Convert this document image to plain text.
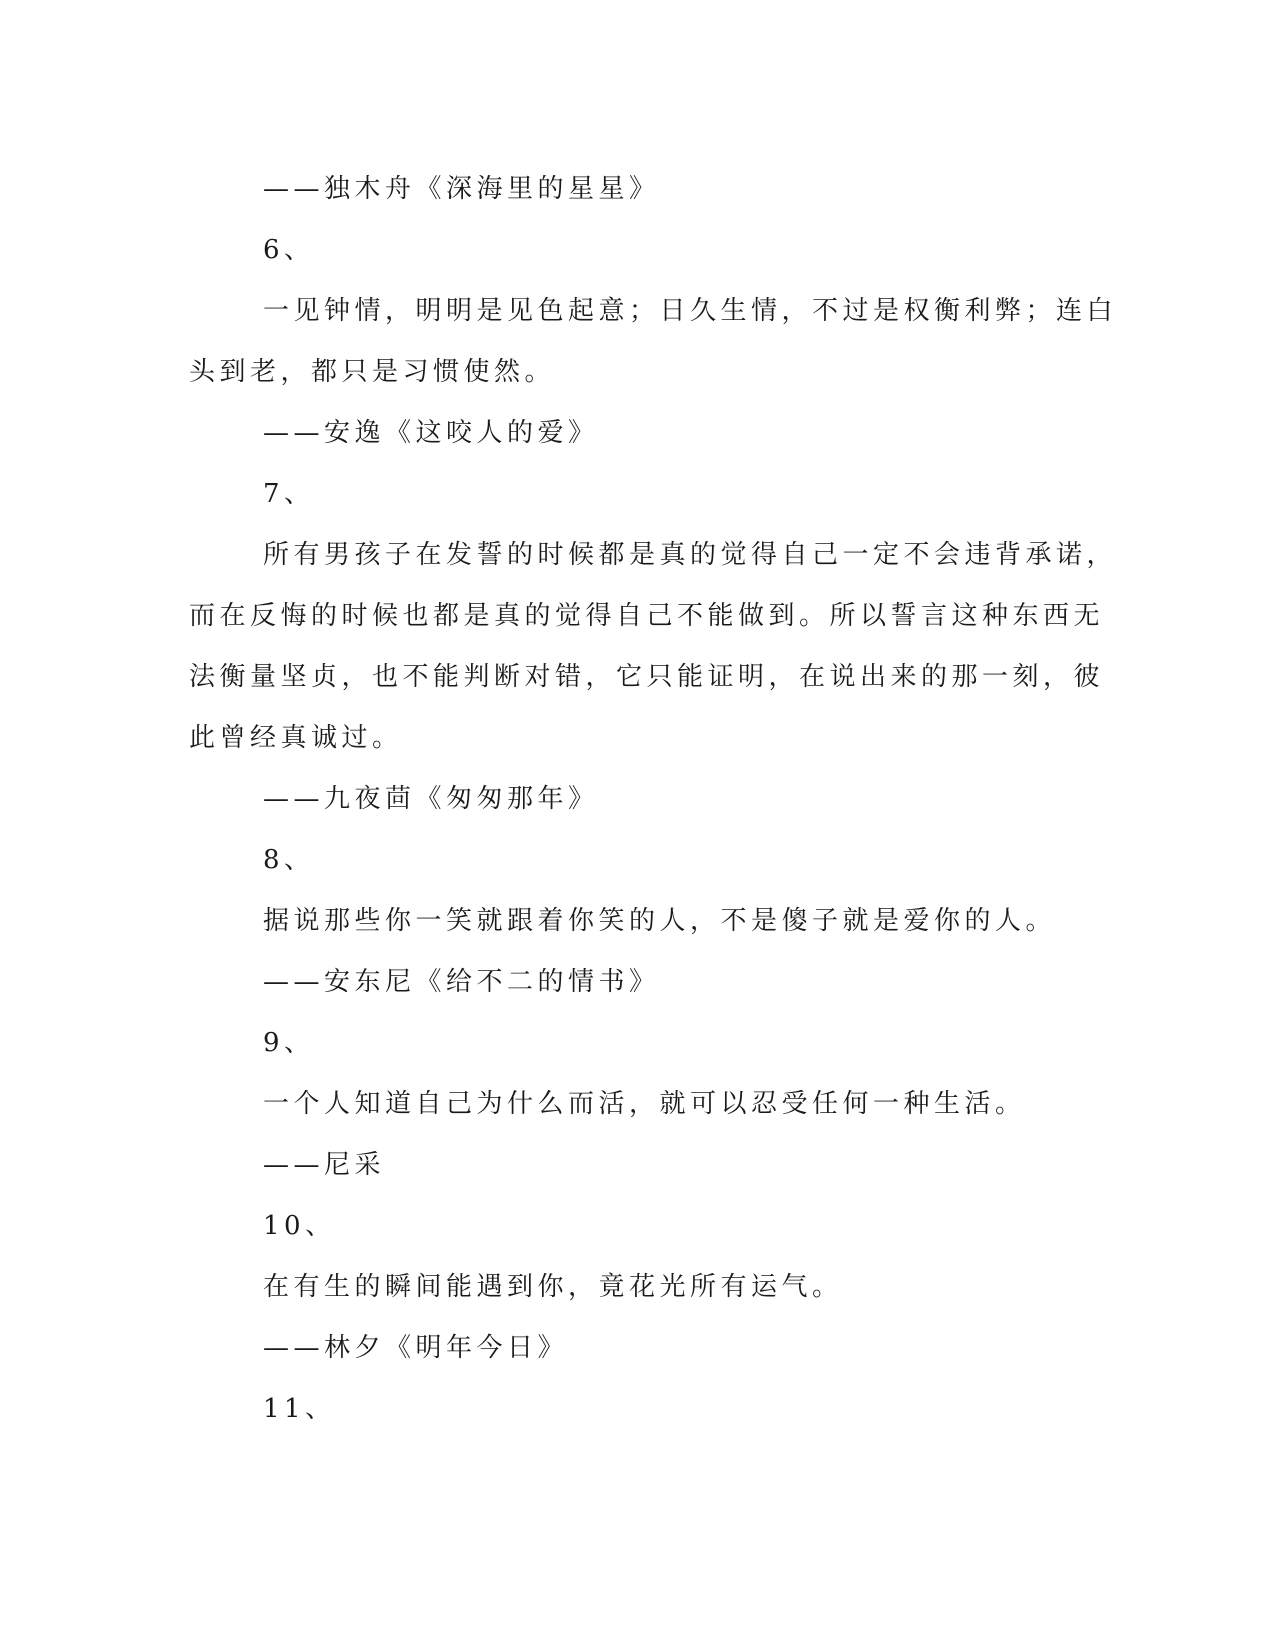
——独木舟《深海里的星星》
6、
一见钟情，明明是见色起意；日久生情，不过是权衡利弊；连白
头到老，都只是习惯使然。
——安逸《这咬人的爱》
7、
所有男孩子在发誓的时候都是真的觉得自己一定不会违背承诺，
而在反悔的时候也都是真的觉得自己不能做到。所以誓言这种东西无
法衡量坚贞，也不能判断对错，它只能证明，在说出来的那一刻，彼
此曾经真诚过。
——九夜茴《匆匆那年》
8、
据说那些你一笑就跟着你笑的人，不是傻子就是爱你的人。
——安东尼《给不二的情书》
9、
一个人知道自己为什么而活，就可以忍受任何一种生活。
——尼采
10、
在有生的瞬间能遇到你，竟花光所有运气。
——林夕《明年今日》
11、
